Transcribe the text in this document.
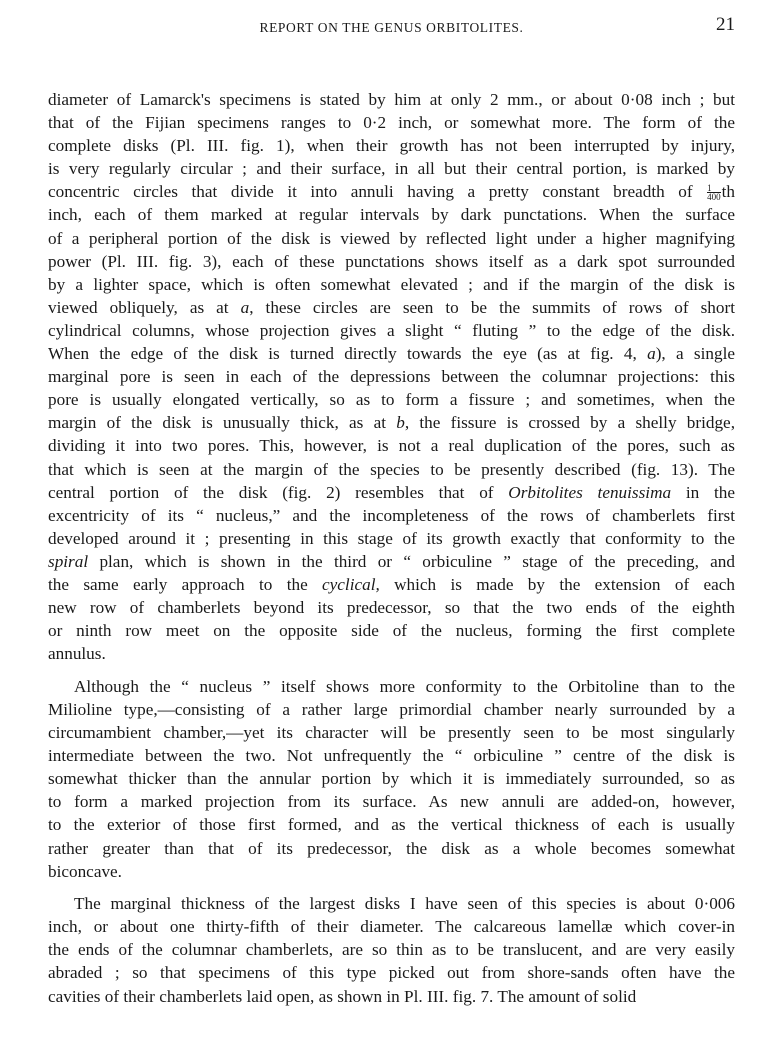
REPORT ON THE GENUS ORBITOLITES.	21
diameter of Lamarck's specimens is stated by him at only 2 mm., or about 0·08 inch ; but
that of the Fijian specimens ranges to 0·2 inch, or somewhat more. The form of the
complete disks (Pl. III. fig. 1), when their growth has not been interrupted by injury,
is very regularly circular ; and their surface, in all but their central portion, is marked by
concentric circles that divide it into annuli having a pretty constant breadth of $\frac{1}{400}$ th
inch, each of them marked at regular intervals by dark punctations. When the surface
of a peripheral portion of the disk is viewed by reflected light under a higher magnifying
power (Pl. III. fig. 3), each of these punctations shows itself as a dark spot surrounded
by a lighter space, which is often somewhat elevated ; and if the margin of the disk is
viewed obliquely, as at a, these circles are seen to be the summits of rows of short
cylindrical columns, whose projection gives a slight “ fluting ” to the edge of the disk.
When the edge of the disk is turned directly towards the eye (as at fig. 4, a), a single
marginal pore is seen in each of the depressions between the columnar projections: this
pore is usually elongated vertically, so as to form a fissure ; and sometimes, when the
margin of the disk is unusually thick, as at b, the fissure is crossed by a shelly bridge,
dividing it into two pores. This, however, is not a real duplication of the pores, such as
that which is seen at the margin of the species to be presently described (fig. 13). The
central portion of the disk (fig. 2) resembles that of Orbitolites tenuissima in the
excentricity of its “ nucleus,” and the incompleteness of the rows of chamberlets first
developed around it ; presenting in this stage of its growth exactly that conformity to the
spiral plan, which is shown in the third or “ orbiculine ” stage of the preceding, and
the same early approach to the cyclical, which is made by the extension of each
new row of chamberlets beyond its predecessor, so that the two ends of the eighth
or ninth row meet on the opposite side of the nucleus, forming the first complete
annulus.
Although the “ nucleus ” itself shows more conformity to the Orbitoline than to the
Milioline type,—consisting of a rather large primordial chamber nearly surrounded by a
circumambient chamber,—yet its character will be presently seen to be most singularly
intermediate between the two. Not unfrequently the “ orbiculine ” centre of the disk is
somewhat thicker than the annular portion by which it is immediately surrounded, so as
to form a marked projection from its surface. As new annuli are added-on, however,
to the exterior of those first formed, and as the vertical thickness of each is usually
rather greater than that of its predecessor, the disk as a whole becomes somewhat
biconcave.
The marginal thickness of the largest disks I have seen of this species is about 0·006
inch, or about one thirty-fifth of their diameter. The calcareous lamellæ which cover-in
the ends of the columnar chamberlets, are so thin as to be translucent, and are very easily
abraded ; so that specimens of this type picked out from shore-sands often have the
cavities of their chamberlets laid open, as shown in Pl. III. fig. 7. The amount of solid
